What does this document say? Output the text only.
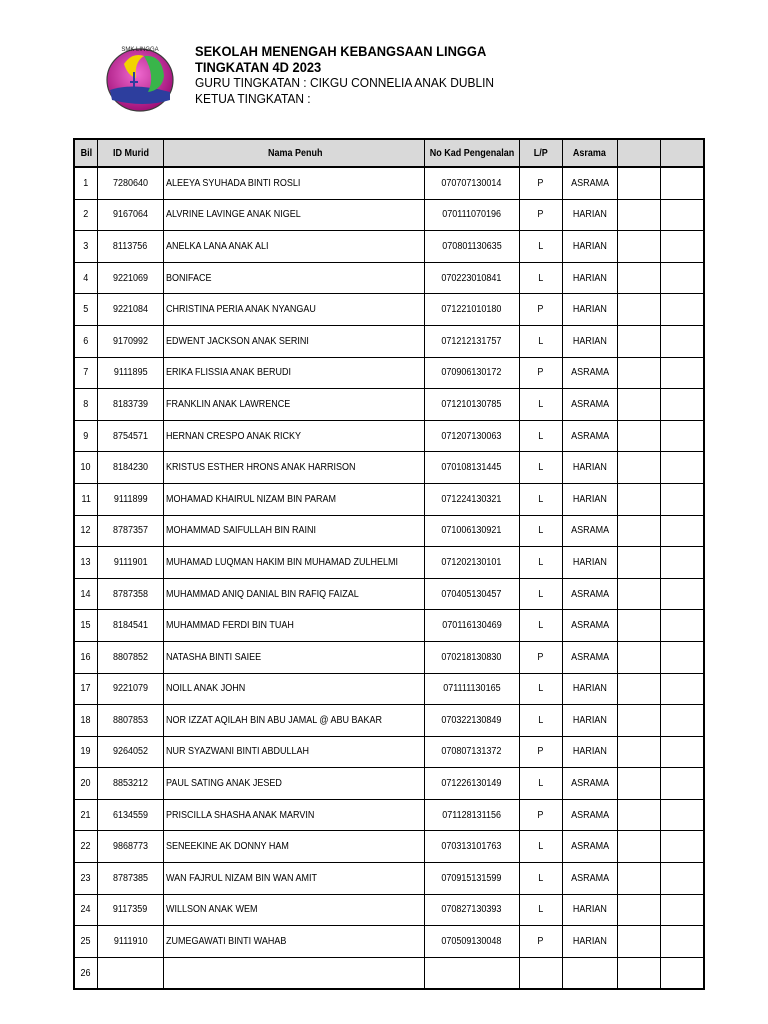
SMK LINGGA	SEKOLAH MENENGAH KEBANGSAAN LINGGA
TINGKATAN 4D 2023
GURU TINGKATAN : CIKGU CONNELIA ANAK DUBLIN
KETUA TINGKATAN :
Bil	ID Murid	Nama Penuh	No Kad Pengenalan	L/P	Asrama		
1	7280640	ALEEYA SYUHADA BINTI ROSLI	070707130014	P	ASRAMA		
2	9167064	ALVRINE LAVINGE ANAK NIGEL	070111070196	P	HARIAN		
3	8113756	ANELKA LANA ANAK ALI	070801130635	L	HARIAN		
4	9221069	BONIFACE	070223010841	L	HARIAN		
5	9221084	CHRISTINA PERIA ANAK NYANGAU	071221010180	P	HARIAN		
6	9170992	EDWENT JACKSON ANAK SERINI	071212131757	L	HARIAN		
7	9111895	ERIKA FLISSIA ANAK BERUDI	070906130172	P	ASRAMA		
8	8183739	FRANKLIN ANAK LAWRENCE	071210130785	L	ASRAMA		
9	8754571	HERNAN CRESPO ANAK RICKY	071207130063	L	ASRAMA		
10	8184230	KRISTUS ESTHER HRONS ANAK HARRISON	070108131445	L	HARIAN		
11	9111899	MOHAMAD KHAIRUL NIZAM BIN PARAM	071224130321	L	HARIAN		
12	8787357	MOHAMMAD SAIFULLAH BIN RAINI	071006130921	L	ASRAMA		
13	9111901	MUHAMAD LUQMAN HAKIM BIN MUHAMAD ZULHELMI	071202130101	L	HARIAN		
14	8787358	MUHAMMAD ANIQ DANIAL BIN RAFIQ FAIZAL	070405130457	L	ASRAMA		
15	8184541	MUHAMMAD FERDI BIN TUAH	070116130469	L	ASRAMA		
16	8807852	NATASHA BINTI SAIEE	070218130830	P	ASRAMA		
17	9221079	NOILL ANAK JOHN	071111130165	L	HARIAN		
18	8807853	NOR IZZAT AQILAH BIN ABU JAMAL @ ABU BAKAR	070322130849	L	HARIAN		
19	9264052	NUR SYAZWANI BINTI ABDULLAH	070807131372	P	HARIAN		
20	8853212	PAUL SATING ANAK JESED	071226130149	L	ASRAMA		
21	6134559	PRISCILLA SHASHA ANAK MARVIN	071128131156	P	ASRAMA		
22	9868773	SENEEKINE AK DONNY HAM	070313101763	L	ASRAMA		
23	8787385	WAN FAJRUL NIZAM BIN WAN AMIT	070915131599	L	ASRAMA		
24	9117359	WILLSON ANAK WEM	070827130393	L	HARIAN		
25	9111910	ZUMEGAWATI BINTI WAHAB	070509130048	P	HARIAN		
26							
